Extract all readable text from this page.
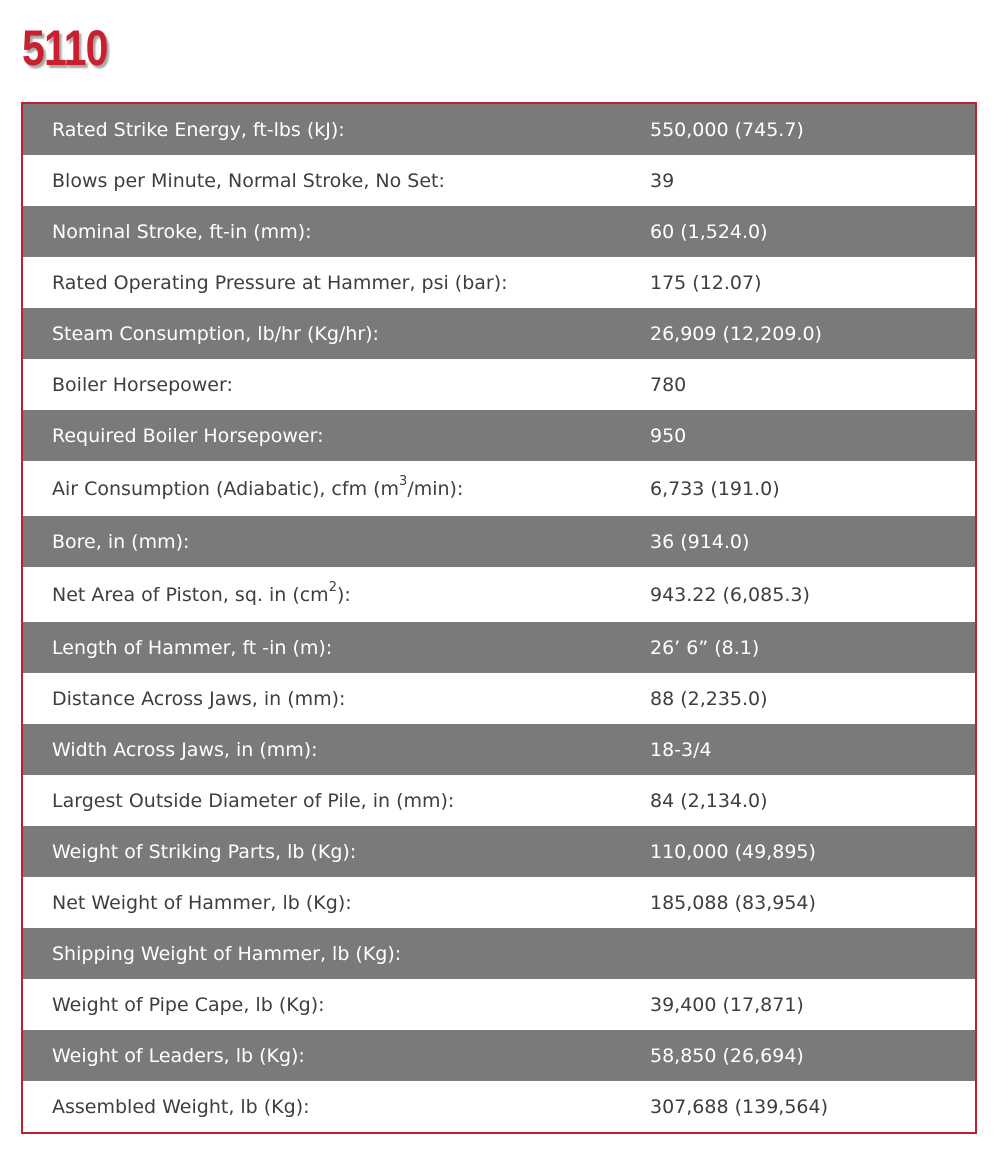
5110
Rated Strike Energy, ft-lbs (kJ):	550,000 (745.7)
Blows per Minute, Normal Stroke, No Set:	39
Nominal Stroke, ft-in (mm):	60 (1,524.0)
Rated Operating Pressure at Hammer, psi (bar):	175 (12.07)
Steam Consumption, lb/hr (Kg/hr):	26,909 (12,209.0)
Boiler Horsepower:	780
Required Boiler Horsepower:	950
Air Consumption (Adiabatic), cfm $(m^3/\min)$:	6,733 (191.0)
Bore, in (mm):	36 (914.0)
Net Area of Piston, sq. in $(cm^2)$:	943.22 (6,085.3)
Length of Hammer, ft -in (m):	26’ 6” (8.1)
Distance Across Jaws, in (mm):	88 (2,235.0)
Width Across Jaws, in (mm):	18-3/4
Largest Outside Diameter of Pile, in (mm):	84 (2,134.0)
Weight of Striking Parts, lb (Kg):	110,000 (49,895)
Net Weight of Hammer, lb (Kg):	185,088 (83,954)
Shipping Weight of Hammer, lb (Kg):
Weight of Pipe Cape, lb (Kg):	39,400 (17,871)
Weight of Leaders, lb (Kg):	58,850 (26,694)
Assembled Weight, lb (Kg):	307,688 (139,564)
